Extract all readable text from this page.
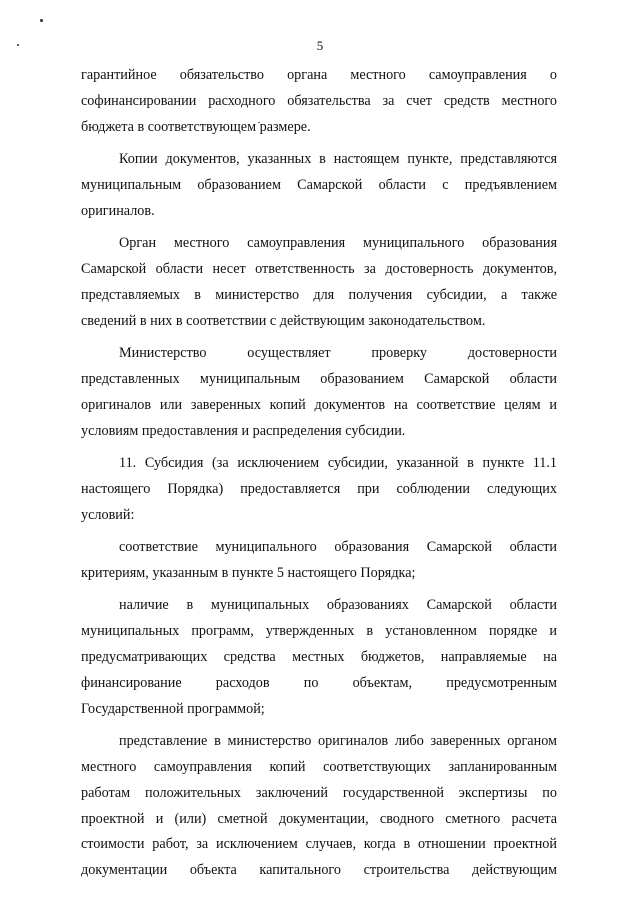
5

гарантийное обязательство органа местного самоуправления о
софинансировании расходного обязательства за счет средств местного
бюджета в соответствующем размере.

Копии документов, указанных в настоящем пункте, представляются
муниципальным образованием Самарской области с предъявлением
оригиналов.

Орган местного самоуправления муниципального образования
Самарской области несет ответственность за достоверность документов,
представляемых в министерство для получения субсидии, а также
сведений в них в соответствии с действующим законодательством.

Министерство осуществляет проверку достоверности
представленных муниципальным образованием Самарской области
оригиналов или заверенных копий документов на соответствие целям и
условиям предоставления и распределения субсидии.

11. Субсидия (за исключением субсидии, указанной в пункте 11.1
настоящего Порядка) предоставляется при соблюдении следующих
условий:

соответствие муниципального образования Самарской области
критериям, указанным в пункте 5 настоящего Порядка;

наличие в муниципальных образованиях Самарской области
муниципальных программ, утвержденных в установленном порядке и
предусматривающих средства местных бюджетов, направляемые на
финансирование расходов по объектам, предусмотренным
Государственной программой;

представление в министерство оригиналов либо заверенных органом
местного самоуправления копий соответствующих запланированным
работам положительных заключений государственной экспертизы по
проектной и (или) сметной документации, сводного сметного расчета
стоимости работ, за исключением случаев, когда в отношении проектной
документации объекта капитального строительства действующим
